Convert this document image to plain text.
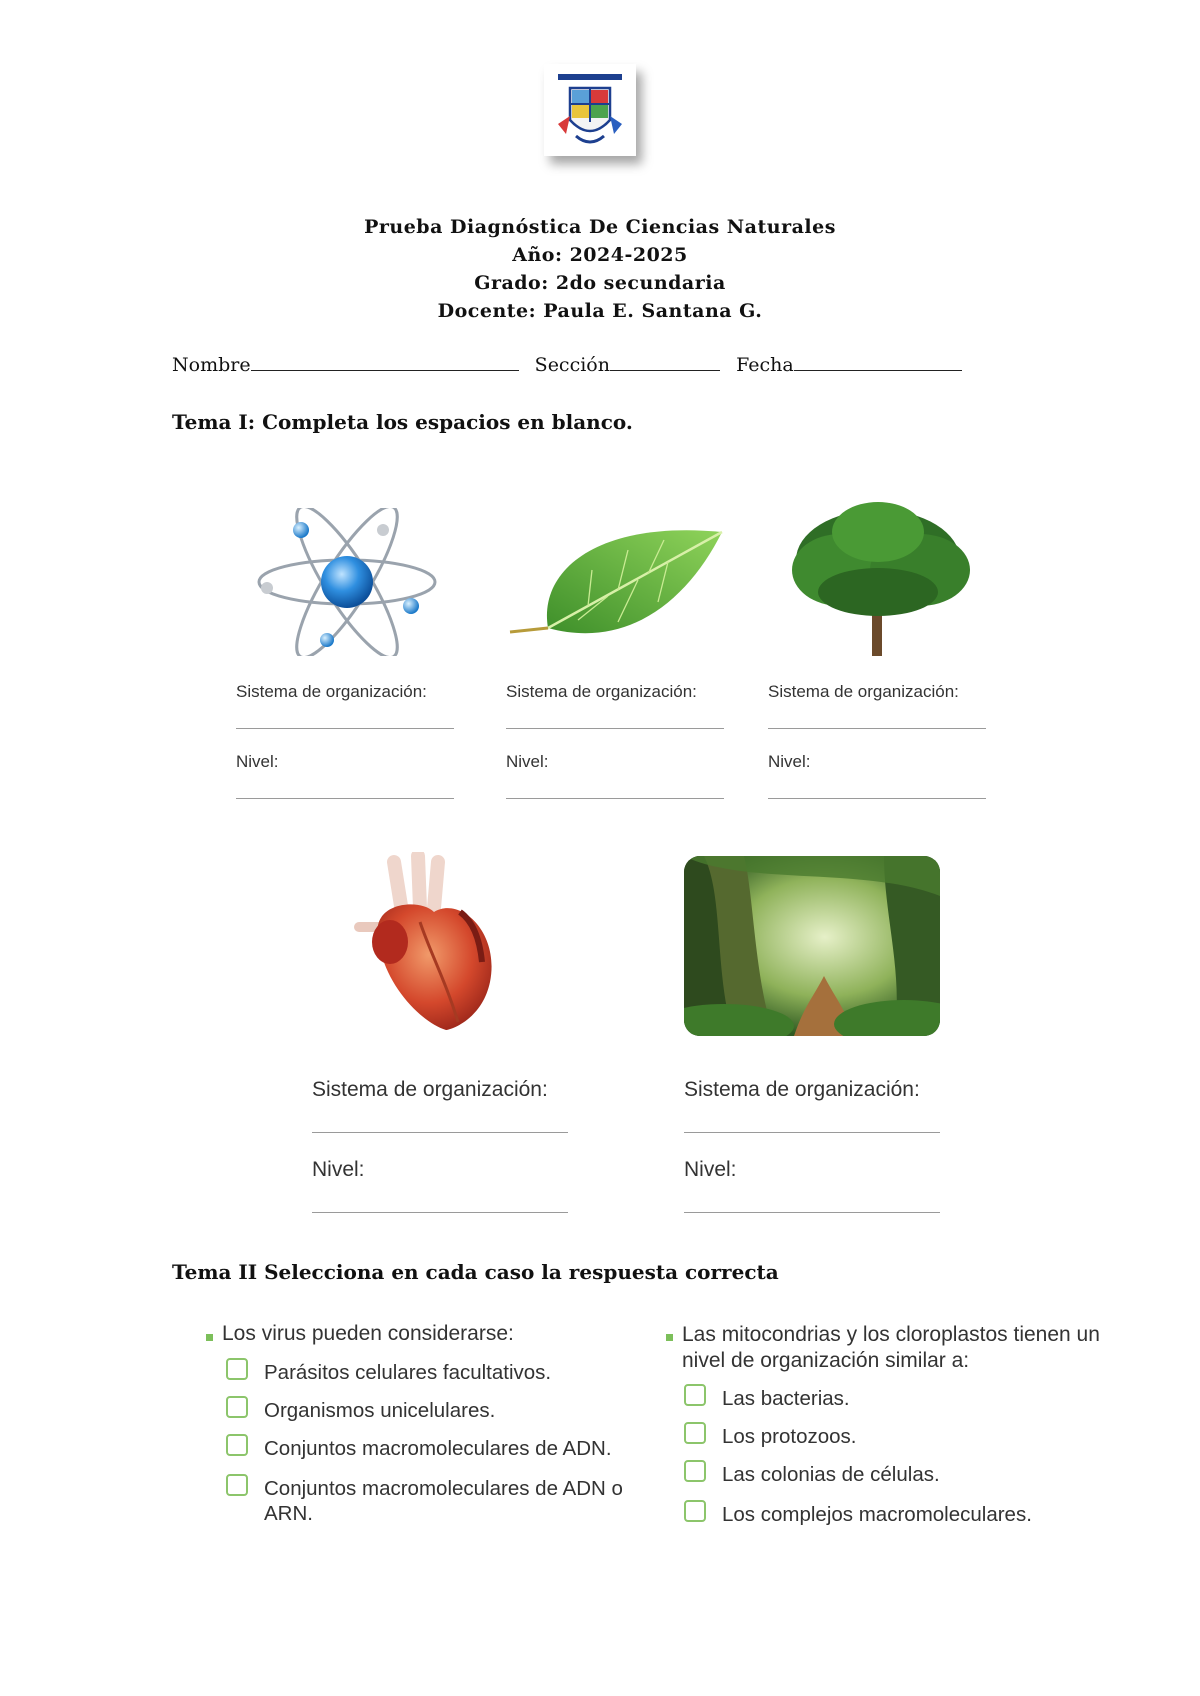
Prueba Diagnóstica De Ciencias Naturales
Año: 2024-2025
Grado: 2do secundaria
Docente: Paula E. Santana G.
Nombre	Sección	Fecha
Tema I: Completa los espacios en blanco.
Sistema de organización:
Nivel:
Sistema de organización:
Nivel:
Sistema de organización:
Nivel:
Sistema de organización:
Nivel:
Sistema de organización:
Nivel:
Tema II Selecciona en cada caso la respuesta correcta
Los virus pueden considerarse:
Parásitos celulares facultativos.
Organismos unicelulares.
Conjuntos macromoleculares de ADN.
Conjuntos macromoleculares de ADN o ARN.
Las mitocondrias y los cloroplastos tienen un nivel de organización similar a:
Las bacterias.
Los protozoos.
Las colonias de células.
Los complejos macromoleculares.
